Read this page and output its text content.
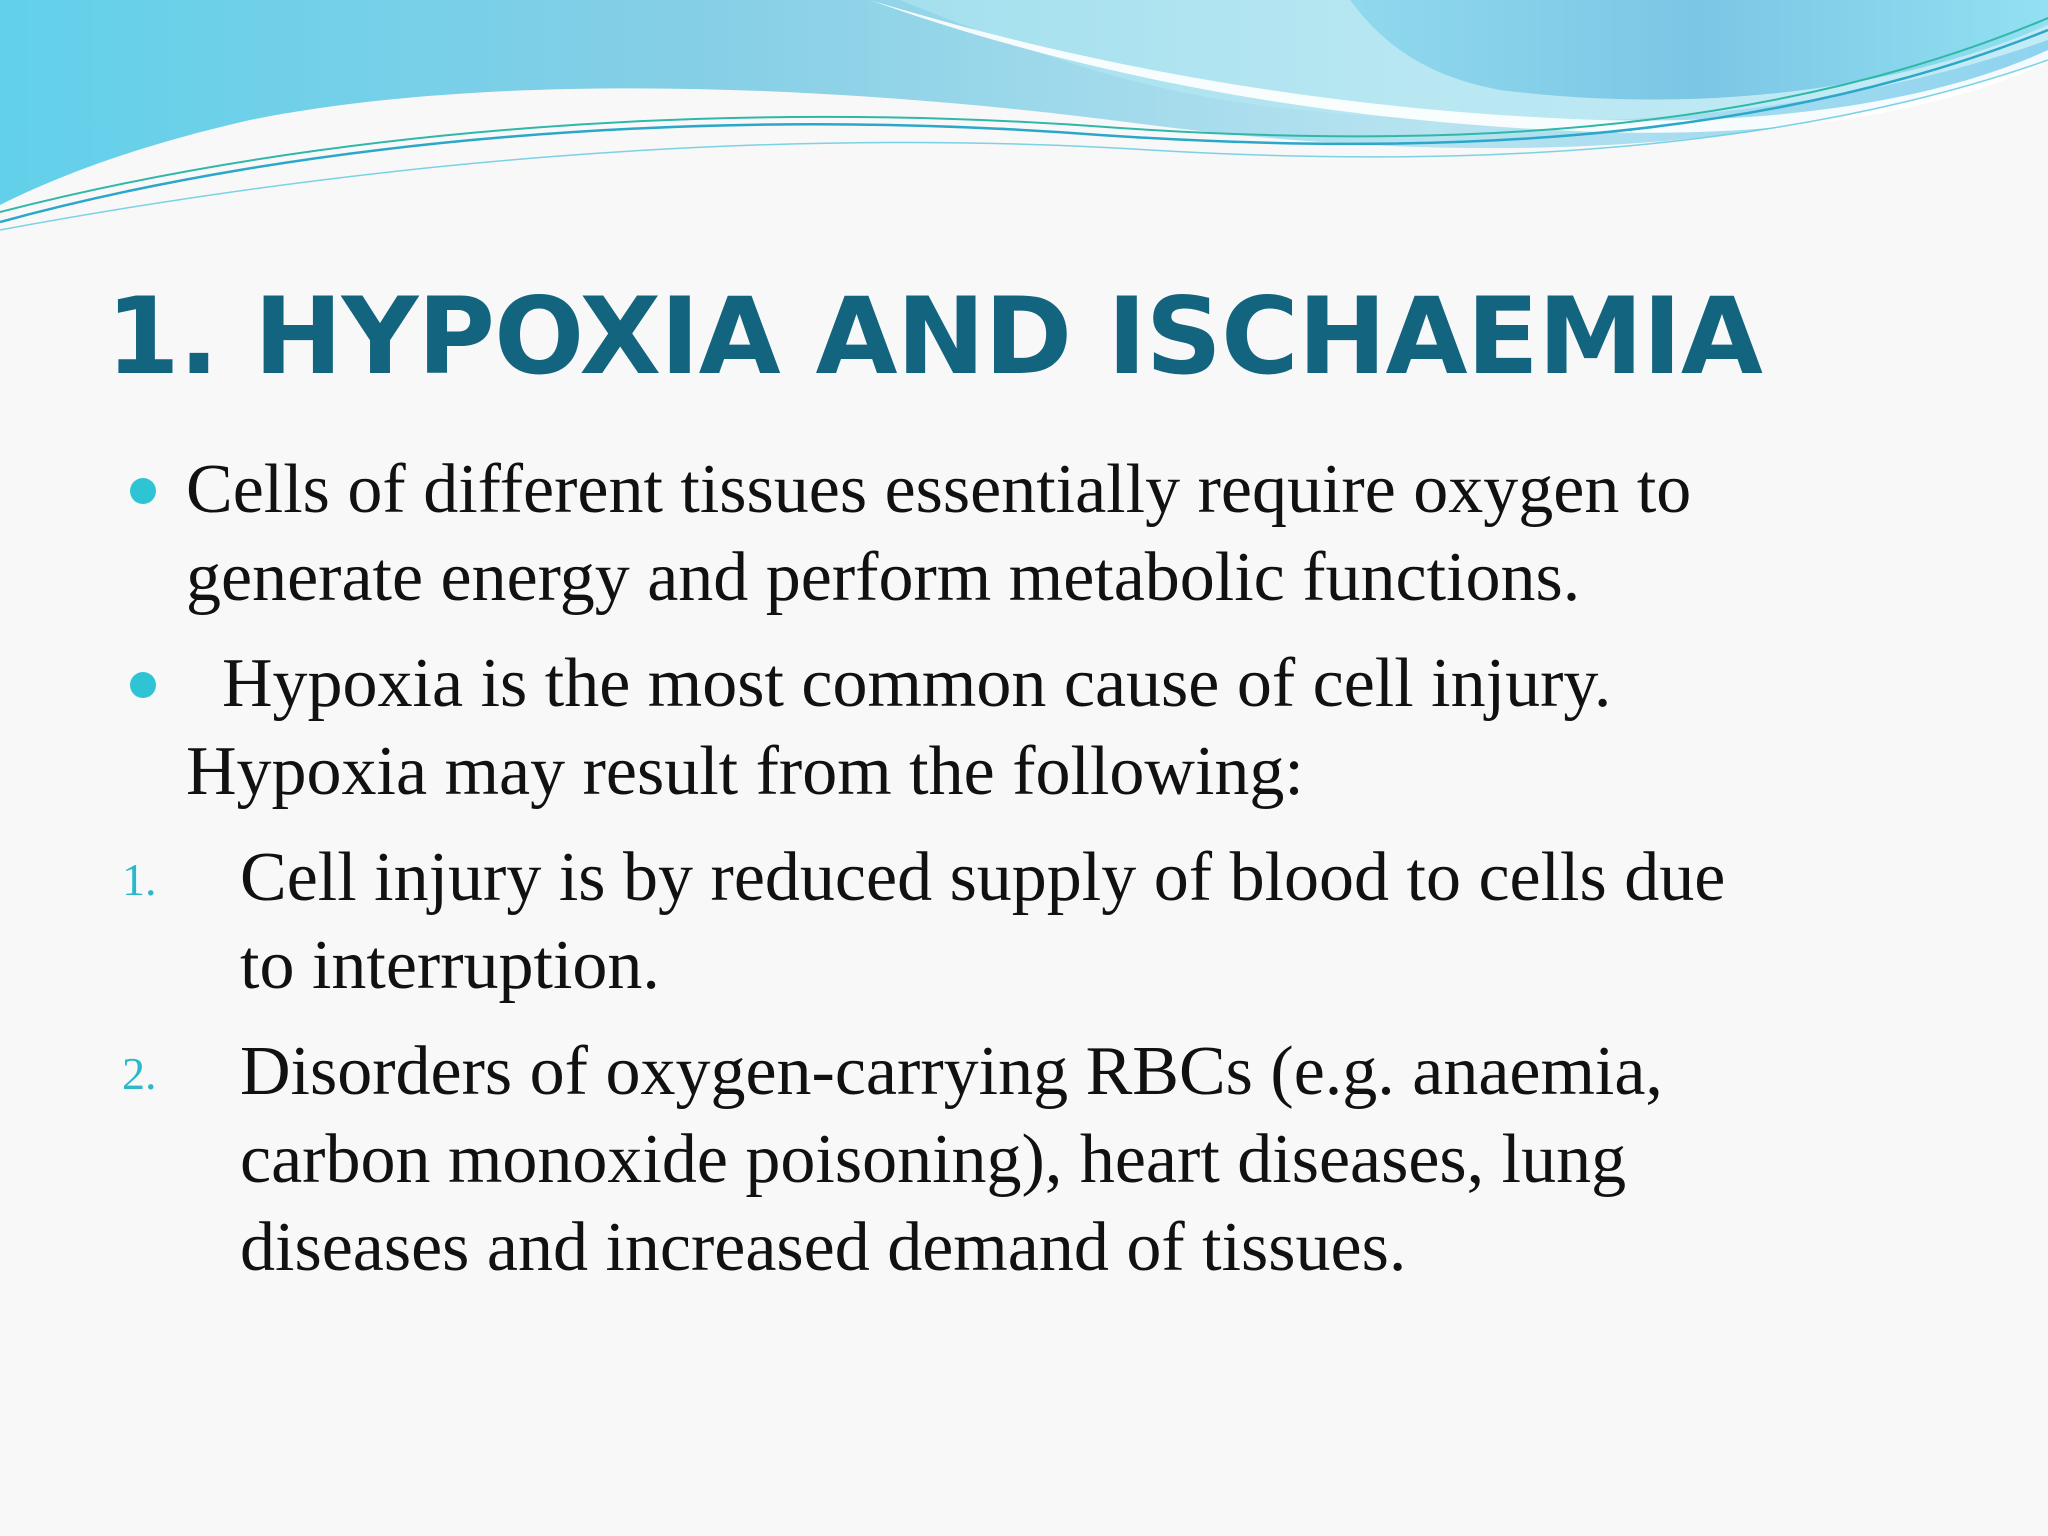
1. HYPOXIA AND ISCHAEMIA
Cells of different tissues essentially require oxygen to
generate energy and perform metabolic functions.
Hypoxia is the most common cause of cell injury.
Hypoxia may result from the following:
1. Cell injury is by reduced supply of blood to cells due
to interruption.
2. Disorders of oxygen-carrying RBCs (e.g. anaemia,
carbon monoxide poisoning), heart diseases, lung
diseases and increased demand of tissues.
